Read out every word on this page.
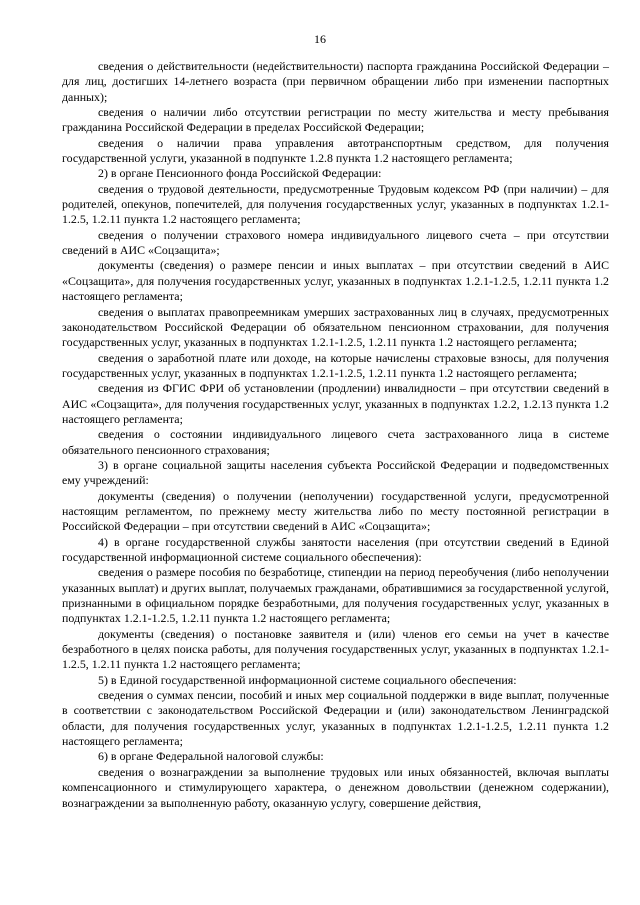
16

сведения о действительности (недействительности) паспорта гражданина Российской Федерации – для лиц, достигших 14-летнего возраста (при первичном обращении либо при изменении паспортных данных);

сведения о наличии либо отсутствии регистрации по месту жительства и месту пребывания гражданина Российской Федерации в пределах Российской Федерации;

сведения о наличии права управления автотранспортным средством, для получения государственной услуги, указанной в подпункте 1.2.8 пункта 1.2 настоящего регламента;

2) в органе Пенсионного фонда Российской Федерации:

сведения о трудовой деятельности, предусмотренные Трудовым кодексом РФ (при наличии) – для родителей, опекунов, попечителей, для получения государственных услуг, указанных в подпунктах 1.2.1-1.2.5, 1.2.11 пункта 1.2 настоящего регламента;

сведения о получении страхового номера индивидуального лицевого счета – при отсутствии сведений в АИС «Соцзащита»;

документы (сведения) о размере пенсии и иных выплатах – при отсутствии сведений в АИС «Соцзащита», для получения государственных услуг, указанных в подпунктах 1.2.1-1.2.5, 1.2.11 пункта 1.2 настоящего регламента;

сведения о выплатах правопреемникам умерших застрахованных лиц в случаях, предусмотренных законодательством Российской Федерации об обязательном пенсионном страховании, для получения государственных услуг, указанных в подпунктах 1.2.1-1.2.5, 1.2.11 пункта 1.2 настоящего регламента;

сведения о заработной плате или доходе, на которые начислены страховые взносы, для получения государственных услуг, указанных в подпунктах 1.2.1-1.2.5, 1.2.11 пункта 1.2 настоящего регламента;

сведения из ФГИС ФРИ об установлении (продлении) инвалидности – при отсутствии сведений в АИС «Соцзащита», для получения государственных услуг, указанных в подпунктах 1.2.2, 1.2.13 пункта 1.2 настоящего регламента;

сведения о состоянии индивидуального лицевого счета застрахованного лица в системе обязательного пенсионного страхования;

3) в органе социальной защиты населения субъекта Российской Федерации и подведомственных ему учреждений:

документы (сведения) о получении (неполучении) государственной услуги, предусмотренной настоящим регламентом, по прежнему месту жительства либо по месту постоянной регистрации в Российской Федерации – при отсутствии сведений в АИС «Соцзащита»;

4) в органе государственной службы занятости населения (при отсутствии сведений в Единой государственной информационной системе социального обеспечения):

сведения о размере пособия по безработице, стипендии на период переобучения (либо неполучении указанных выплат) и других выплат, получаемых гражданами, обратившимися за государственной услугой, признанными в официальном порядке безработными, для получения государственных услуг, указанных в подпунктах 1.2.1-1.2.5, 1.2.11 пункта 1.2 настоящего регламента;

документы (сведения) о постановке заявителя и (или) членов его семьи на учет в качестве безработного в целях поиска работы, для получения государственных услуг, указанных в подпунктах 1.2.1-1.2.5, 1.2.11 пункта 1.2 настоящего регламента;

5) в Единой государственной информационной системе социального обеспечения:

сведения о суммах пенсии, пособий и иных мер социальной поддержки в виде выплат, полученные в соответствии с законодательством Российской Федерации и (или) законодательством Ленинградской области, для получения государственных услуг, указанных в подпунктах 1.2.1-1.2.5, 1.2.11 пункта 1.2 настоящего регламента;

6) в органе Федеральной налоговой службы:

сведения о вознаграждении за выполнение трудовых или иных обязанностей, включая выплаты компенсационного и стимулирующего характера, о денежном довольствии (денежном содержании), вознаграждении за выполненную работу, оказанную услугу, совершение действия,
